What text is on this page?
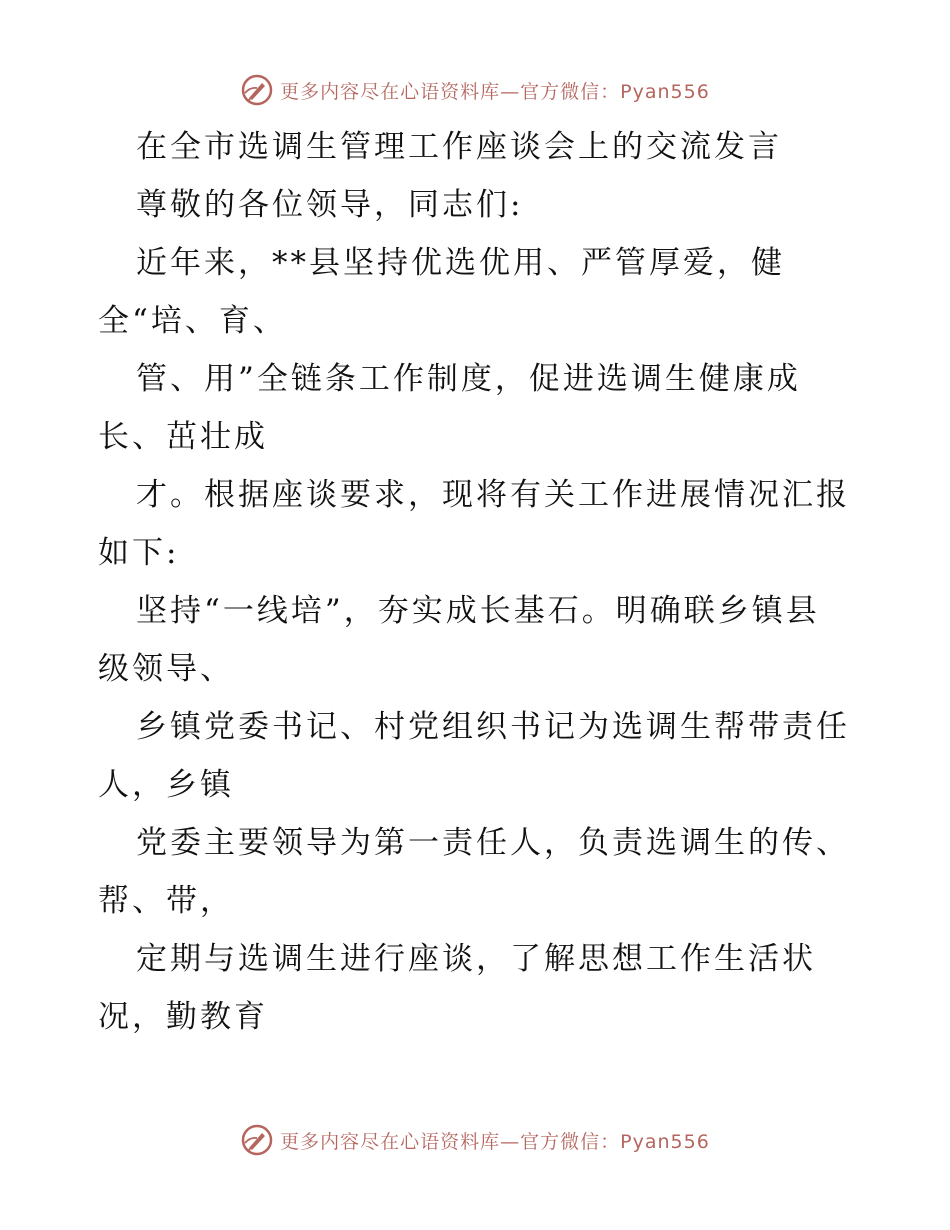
更多内容尽在心语资料库—官方微信：Pyan556
在全市选调生管理工作座谈会上的交流发言
尊敬的各位领导，同志们:
近年来，**县坚持优选优用、严管厚爱，健
全“培、育、
管、用”全链条工作制度，促进选调生健康成
长、茁壮成
才。根据座谈要求，现将有关工作进展情况汇报
如下:
坚持“一线培”，夯实成长基石。明确联乡镇县
级领导、
乡镇党委书记、村党组织书记为选调生帮带责任
人，乡镇
党委主要领导为第一责任人，负责选调生的传、
帮、带，
定期与选调生进行座谈，了解思想工作生活状
况，勤教育
更多内容尽在心语资料库—官方微信：Pyan556
